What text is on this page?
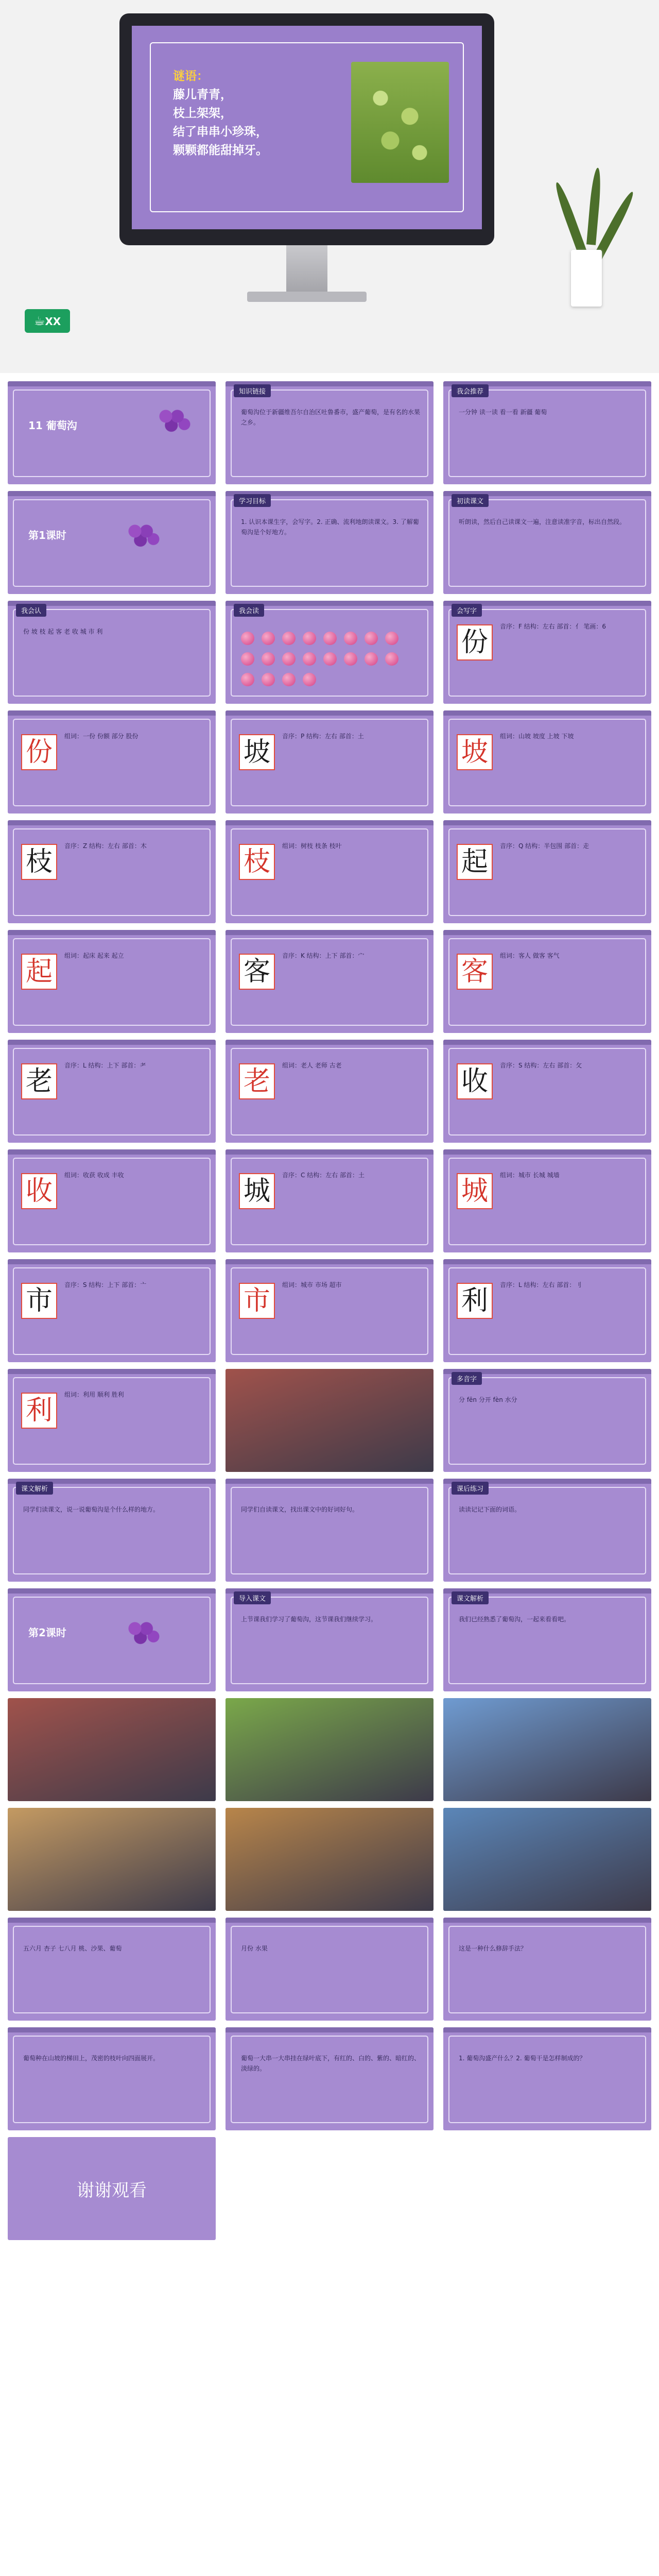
谜语：
藤儿青青，
枝上架架，
结了串串小珍珠，
颗颗都能甜掉牙。
☕XX
11 葡萄沟
知识链接
葡萄沟位于新疆维吾尔自治区吐鲁番市，盛产葡萄，是有名的水果之乡。
我会推荐
一分钟 读一读 看一看 新疆 葡萄
第1课时
学习目标
1. 认识本课生字，会写字。2. 正确、流利地朗读课文。3. 了解葡萄沟是个好地方。
初读课文
听朗读，然后自己读课文一遍，注意读准字音，标出自然段。
我会认
份 坡 枝 起 客 老 收 城 市 利
我会读	会写字
份
音序：F 结构：左右 部首：亻 笔画：6
份
组词：一份 份额 部分 股份
坡
音序：P 结构：左右 部首：土
坡
组词：山坡 坡度 上坡 下坡
枝
音序：Z 结构：左右 部首：木
枝
组词：树枝 枝条 枝叶
起
音序：Q 结构：半包围 部首：走
起
组词：起床 起来 起立
客
音序：K 结构：上下 部首：宀
客
组词：客人 做客 客气
老
音序：L 结构：上下 部首：耂
老
组词：老人 老师 古老
收
音序：S 结构：左右 部首：攵
收
组词：收获 收成 丰收
城
音序：C 结构：左右 部首：土
城
组词：城市 长城 城墙
市
音序：S 结构：上下 部首：亠
市
组词：城市 市场 超市
利
音序：L 结构：左右 部首：刂
利
组词：利用 顺利 胜利
多音字
分 fēn 分开 fèn 水分
课文解析
同学们读课文，说一说葡萄沟是个什么样的地方。	同学们自读课文，找出课文中的好词好句。
课后练习
读读记记下面的词语。
第2课时
导入课文
上节课我们学习了葡萄沟，这节课我们继续学习。
课文解析
我们已经熟悉了葡萄沟，一起来看看吧。
五六月 杏子 七八月 桃、沙果、葡萄	月份 水果	这是一种什么修辞手法？
葡萄种在山坡的梯田上，茂密的枝叶向四面展开。	葡萄一大串一大串挂在绿叶底下，有红的、白的、紫的、暗红的、淡绿的。
1. 葡萄沟盛产什么？2. 葡萄干是怎样制成的？
谢谢观看
